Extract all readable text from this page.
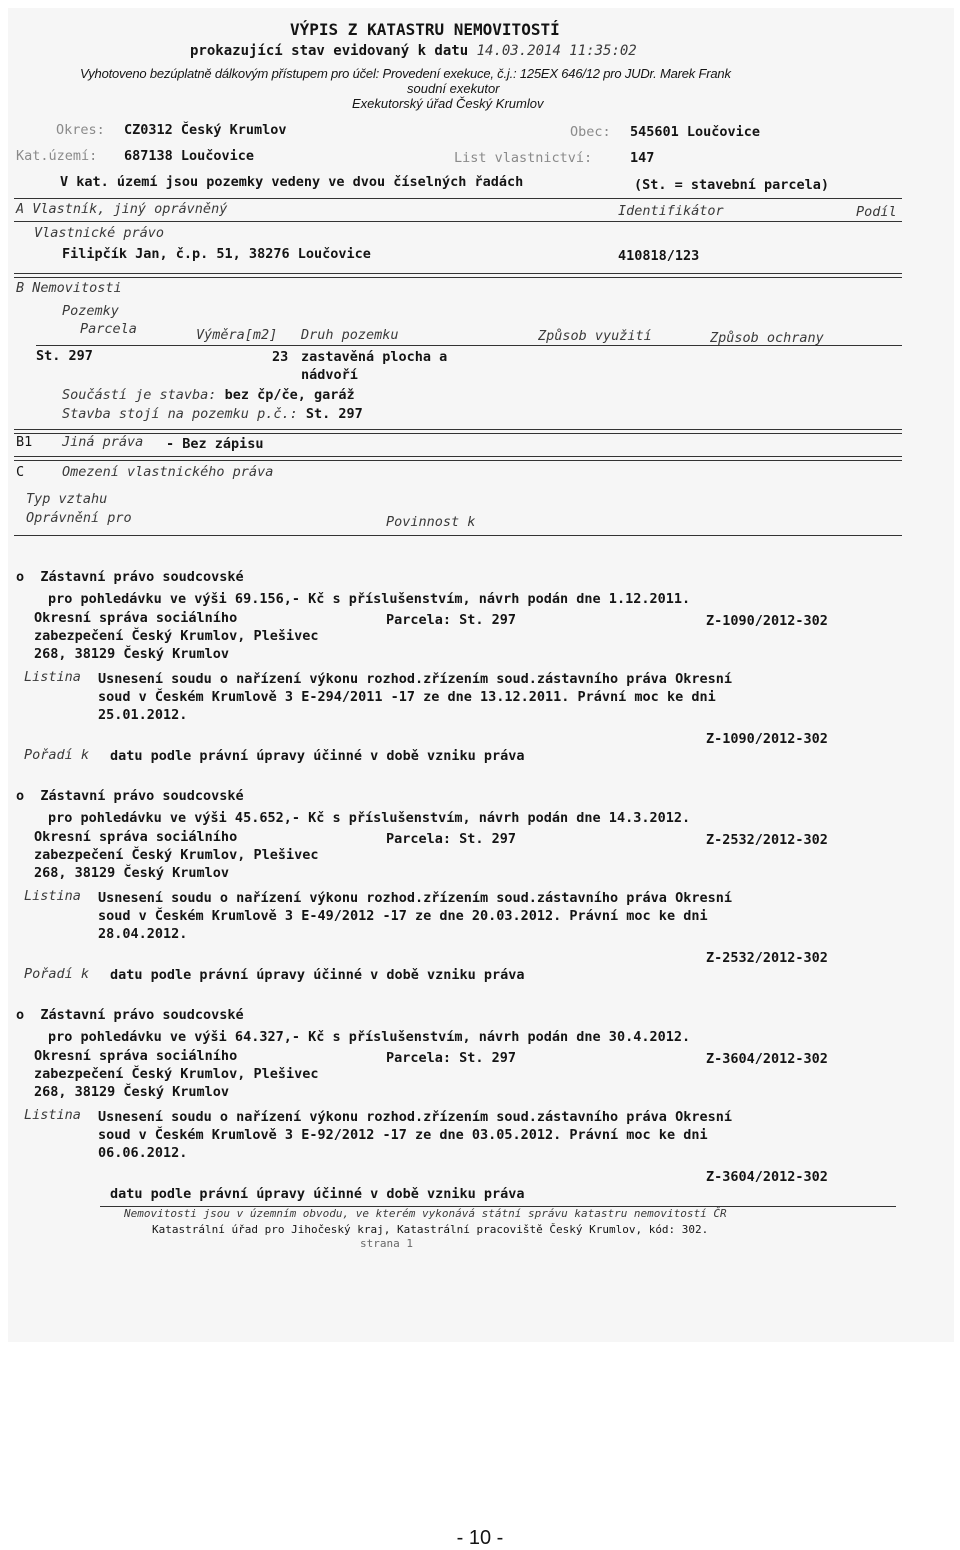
VÝPIS Z KATASTRU NEMOVITOSTÍ
prokazující stav evidovaný k datu 14.03.2014 11:35:02
Vyhotoveno bezúplatně dálkovým přístupem pro účel: Provedení exekuce, č.j.: 125EX 646/12 pro JUDr. Marek Frank
soudní exekutor
Exekutorský úřad Český Krumlov
Okres: CZ0312 Český Krumlov	Obec: 545601 Loučovice
Kat.území: 687138 Loučovice	List vlastnictví:	147
V kat. území jsou pozemky vedeny ve dvou číselných řadách	(St. = stavební parcela)
A Vlastník, jiný oprávněný	Identifikátor	Podíl
Vlastnické právo
Filipčík Jan, č.p. 51, 38276 Loučovice	410818/123
B Nemovitosti
Pozemky
Parcela	Výměra[m2] Druh pozemku	Způsob využití	Způsob ochrany
St. 297	23 zastavěná plocha a
nádvoří
Součástí je stavba: bez čp/če, garáž
Stavba stojí na pozemku p.č.: St. 297
B1 Jiná práva - Bez zápisu
C	Omezení vlastnického práva
Typ vztahu
Oprávnění pro	Povinnost k
o Zástavní právo soudcovské
pro pohledávku ve výši 69.156,- Kč s příslušenstvím, návrh podán dne 1.12.2011.
Okresní správa sociálního	Parcela: St. 297	Z-1090/2012-302
zabezpečení Český Krumlov, Plešivec
268, 38129 Český Krumlov
Listina Usnesení soudu o nařízení výkonu rozhod.zřízením soud.zástavního práva Okresní
soud v Českém Krumlově 3 E-294/2011 -17 ze dne 13.12.2011. Právní moc ke dni
25.01.2012.
Z-1090/2012-302
Pořadí k datu podle právní úpravy účinné v době vzniku práva
o Zástavní právo soudcovské
pro pohledávku ve výši 45.652,- Kč s příslušenstvím, návrh podán dne 14.3.2012.
Okresní správa sociálního	Parcela: St. 297	Z-2532/2012-302
zabezpečení Český Krumlov, Plešivec
268, 38129 Český Krumlov
Listina Usnesení soudu o nařízení výkonu rozhod.zřízením soud.zástavního práva Okresní
soud v Českém Krumlově 3 E-49/2012 -17 ze dne 20.03.2012. Právní moc ke dni
28.04.2012.
Z-2532/2012-302
Pořadí k datu podle právní úpravy účinné v době vzniku práva
o Zástavní právo soudcovské
pro pohledávku ve výši 64.327,- Kč s příslušenstvím, návrh podán dne 30.4.2012.
Okresní správa sociálního	Parcela: St. 297	Z-3604/2012-302
zabezpečení Český Krumlov, Plešivec
268, 38129 Český Krumlov
Listina Usnesení soudu o nařízení výkonu rozhod.zřízením soud.zástavního práva Okresní
soud v Českém Krumlově 3 E-92/2012 -17 ze dne 03.05.2012. Právní moc ke dni
06.06.2012.
Z-3604/2012-302
datu podle právní úpravy účinné v době vzniku práva
Nemovitosti jsou v územním obvodu, ve kterém vykonává státní správu katastru nemovitostí ČR
Katastrální úřad pro Jihočeský kraj, Katastrální pracoviště Český Krumlov, kód: 302.
strana 1
- 10 -
